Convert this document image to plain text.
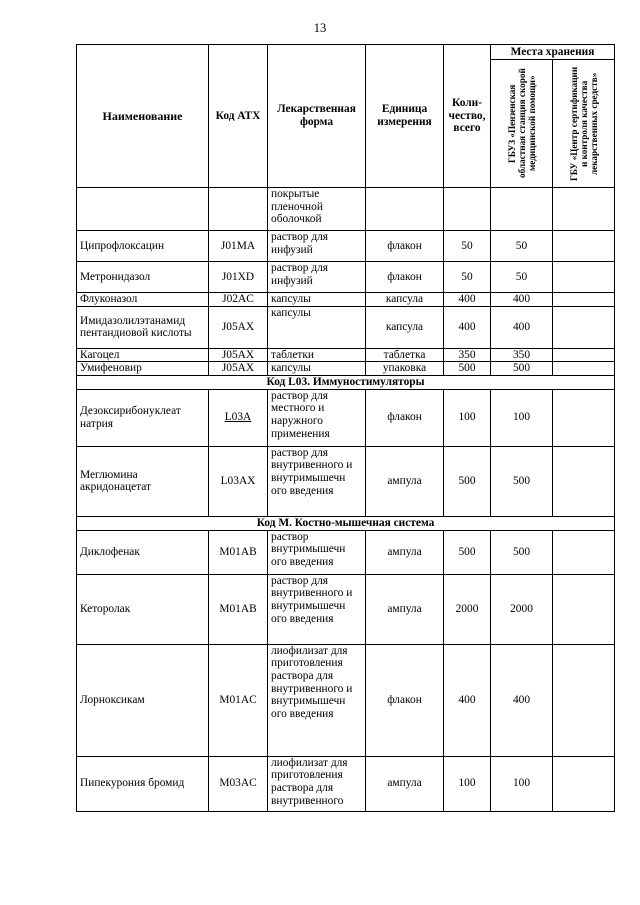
13
Наименование	Код АТХ	Лекарственная форма	Единица измерения	Коли-чество, всего	Места хранения	

					ГБУЗ «Пензенская областная станция скорой медицинской помощи»	ГБУ «Центр сертификации и контроля качества лекарственных средств»

		покрытые пленочной оболочкой				
Ципрофлоксацин	J01MA	раствор для инфузий	флакон	50	50	
Метронидазол	J01XD	раствор для инфузий	флакон	50	50	
Флуконазол	J02AC	капсулы	капсула	400	400	
Имидазолилэтанамид пентандиовой кислоты	J05AX	капсулы	капсула	400	400	
Кагоцел	J05AX	таблетки	таблетка	350	350	
Умифеновир	J05AX	капсулы	упаковка	500	500	
Код L03. Иммуностимуляторы						
Дезоксирибонуклеат натрия	L03A	раствор для местного и наружного применения	флакон	100	100	
Меглюмина акридонацетат	L03AX	раствор для внутривенного и внутримышечн ого введения	ампула	500	500	
Код M. Костно-мышечная система						
Диклофенак	M01AB	раствор внутримышечн ого введения	ампула	500	500	
Кеторолак	M01AB	раствор для внутривенного и внутримышечн ого введения	ампула	2000	2000	
Лорноксикам	M01AC	лиофилизат для приготовления раствора для внутривенного и внутримышечн ого введения	флакон	400	400	
Пипекурония бромид	M03AC	лиофилизат для приготовления раствора для внутривенного	ампула	100	100	
